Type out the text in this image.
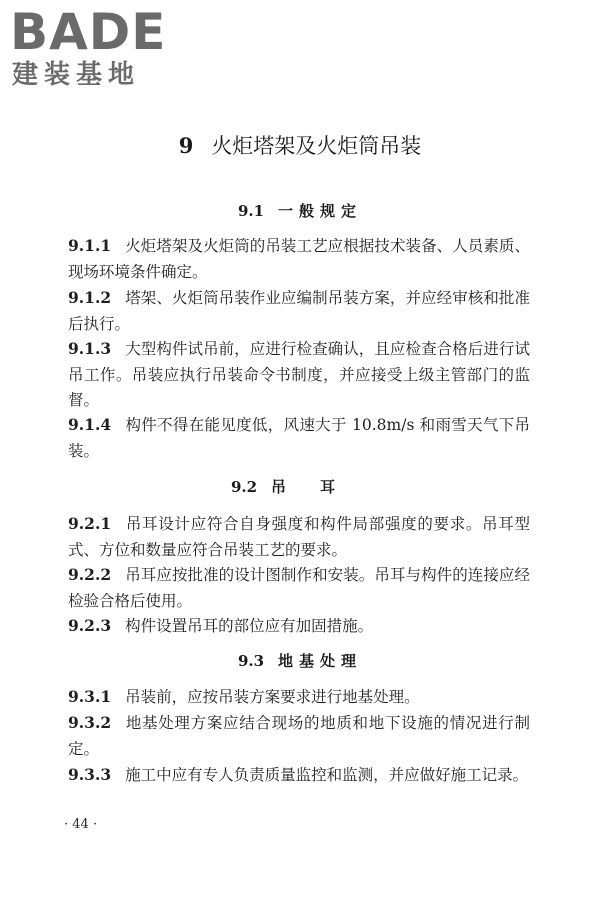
BADE
建装基地
9 火炬塔架及火炬筒吊装
9.1 一般规定
9.1.1 火炬塔架及火炬筒的吊装工艺应根据技术装备、人员素质、现场环境条件确定。
9.1.2 塔架、火炬筒吊装作业应编制吊装方案，并应经审核和批准后执行。
9.1.3 大型构件试吊前，应进行检查确认，且应检查合格后进行试吊工作。吊装应执行吊装命令书制度，并应接受上级主管部门的监督。
9.1.4 构件不得在能见度低，风速大于 10.8m/s 和雨雪天气下吊装。
9.2 吊耳
9.2.1 吊耳设计应符合自身强度和构件局部强度的要求。吊耳型式、方位和数量应符合吊装工艺的要求。
9.2.2 吊耳应按批准的设计图制作和安装。吊耳与构件的连接应经检验合格后使用。
9.2.3 构件设置吊耳的部位应有加固措施。
9.3 地基处理
9.3.1 吊装前，应按吊装方案要求进行地基处理。
9.3.2 地基处理方案应结合现场的地质和地下设施的情况进行制定。
9.3.3 施工中应有专人负责质量监控和监测，并应做好施工记录。
· 44 ·
